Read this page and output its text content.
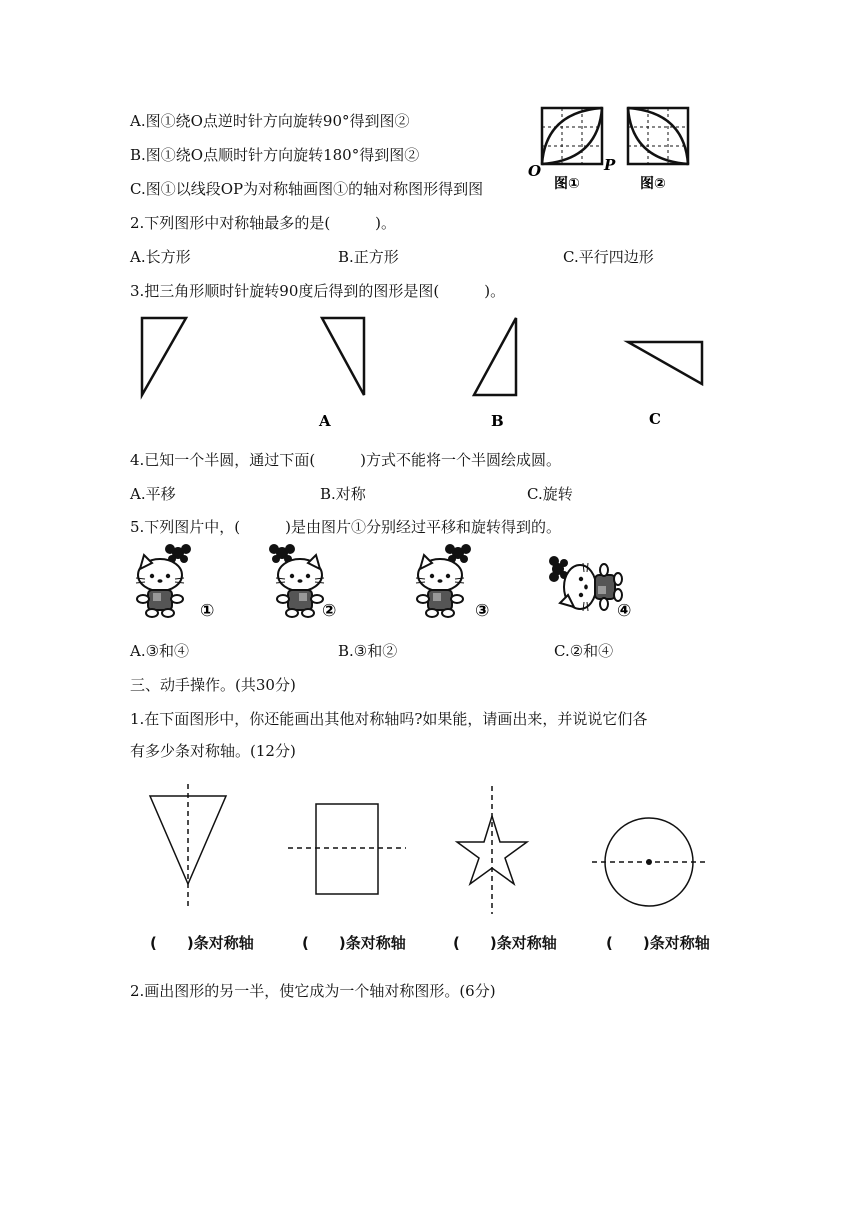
A.图①绕O点逆时针方向旋转90°得到图②
B.图①绕O点顺时针方向旋转180°得到图②
C.图①以线段OP为对称轴画图①的轴对称图形得到图
O	P
图①	图②
2.下列图形中对称轴最多的是(　　　)。
A.长方形	B.正方形	C.平行四边形
3.把三角形顺时针旋转90度后得到的图形是图(　　　)。
A	B	C
4.已知一个半圆，通过下面(　　　)方式不能将一个半圆绘成圆。
A.平移	B.对称	C.旋转
5.下列图片中，(　　　)是由图片①分别经过平移和旋转得到的。
①	②	③	④
A.③和④	B.③和②	C.②和④
三、动手操作。(共30分)
1.在下面图形中，你还能画出其他对称轴吗?如果能，请画出来，并说说它们各
有多少条对称轴。(12分)
(　　)条对称轴	(　　)条对称轴	(　　)条对称轴	(　　)条对称轴
2.画出图形的另一半，使它成为一个轴对称图形。(6分)
